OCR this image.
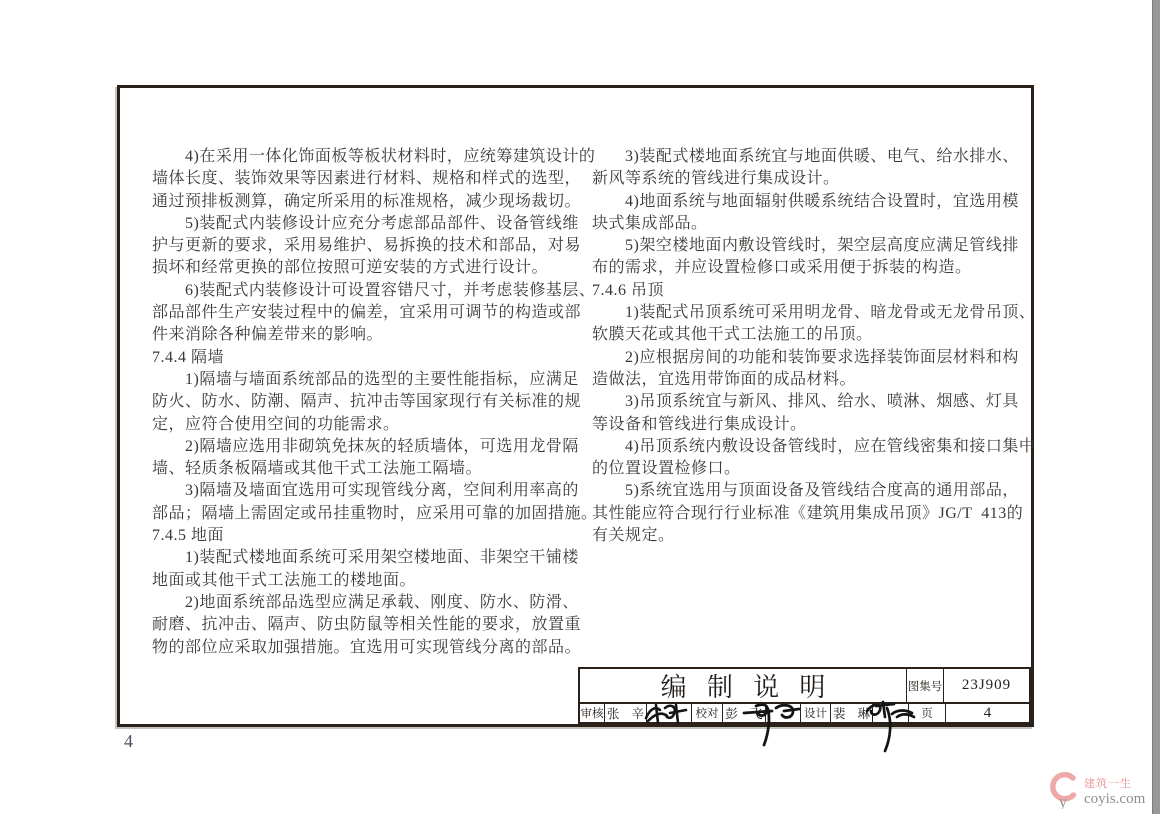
　　4)在采用一体化饰面板等板状材料时，应统筹建筑设计的
墙体长度、装饰效果等因素进行材料、规格和样式的选型，
通过预排板测算，确定所采用的标准规格，减少现场裁切。
　　5)装配式内装修设计应充分考虑部品部件、设备管线维
护与更新的要求，采用易维护、易拆换的技术和部品，对易
损坏和经常更换的部位按照可逆安装的方式进行设计。
　　6)装配式内装修设计可设置容错尺寸，并考虑装修基层、
部品部件生产安装过程中的偏差，宜采用可调节的构造或部
件来消除各种偏差带来的影响。
7.4.4 隔墙
　　1)隔墙与墙面系统部品的选型的主要性能指标，应满足
防火、防水、防潮、隔声、抗冲击等国家现行有关标准的规
定，应符合使用空间的功能需求。
　　2)隔墙应选用非砌筑免抹灰的轻质墙体，可选用龙骨隔
墙、轻质条板隔墙或其他干式工法施工隔墙。
　　3)隔墙及墙面宜选用可实现管线分离，空间利用率高的
部品；隔墙上需固定或吊挂重物时，应采用可靠的加固措施。
7.4.5 地面
　　1)装配式楼地面系统可采用架空楼地面、非架空干铺楼
地面或其他干式工法施工的楼地面。
　　2)地面系统部品选型应满足承载、刚度、防水、防滑、
耐磨、抗冲击、隔声、防虫防鼠等相关性能的要求，放置重
物的部位应采取加强措施。宜选用可实现管线分离的部品。
　　3)装配式楼地面系统宜与地面供暖、电气、给水排水、
新风等系统的管线进行集成设计。
　　4)地面系统与地面辐射供暖系统结合设置时，宜选用模
块式集成部品。
　　5)架空楼地面内敷设管线时，架空层高度应满足管线排
布的需求，并应设置检修口或采用便于拆装的构造。
7.4.6 吊顶
　　1)装配式吊顶系统可采用明龙骨、暗龙骨或无龙骨吊顶、
软膜天花或其他干式工法施工的吊顶。
　　2)应根据房间的功能和装饰要求选择装饰面层材料和构
造做法，宜选用带饰面的成品材料。
　　3)吊顶系统宜与新风、排风、给水、喷淋、烟感、灯具
等设备和管线进行集成设计。
　　4)吊顶系统内敷设设备管线时，应在管线密集和接口集中
的位置设置检修口。
　　5)系统宜选用与顶面设备及管线结合度高的通用部品，
其性能应符合现行行业标准《建筑用集成吊顶》JG/T  413的
有关规定。
编制说明	图集号	23J909
审核 张 辛	校对 彭 飞	设计 裴 琳	页	4
4
y
建筑一生
coyis.com
